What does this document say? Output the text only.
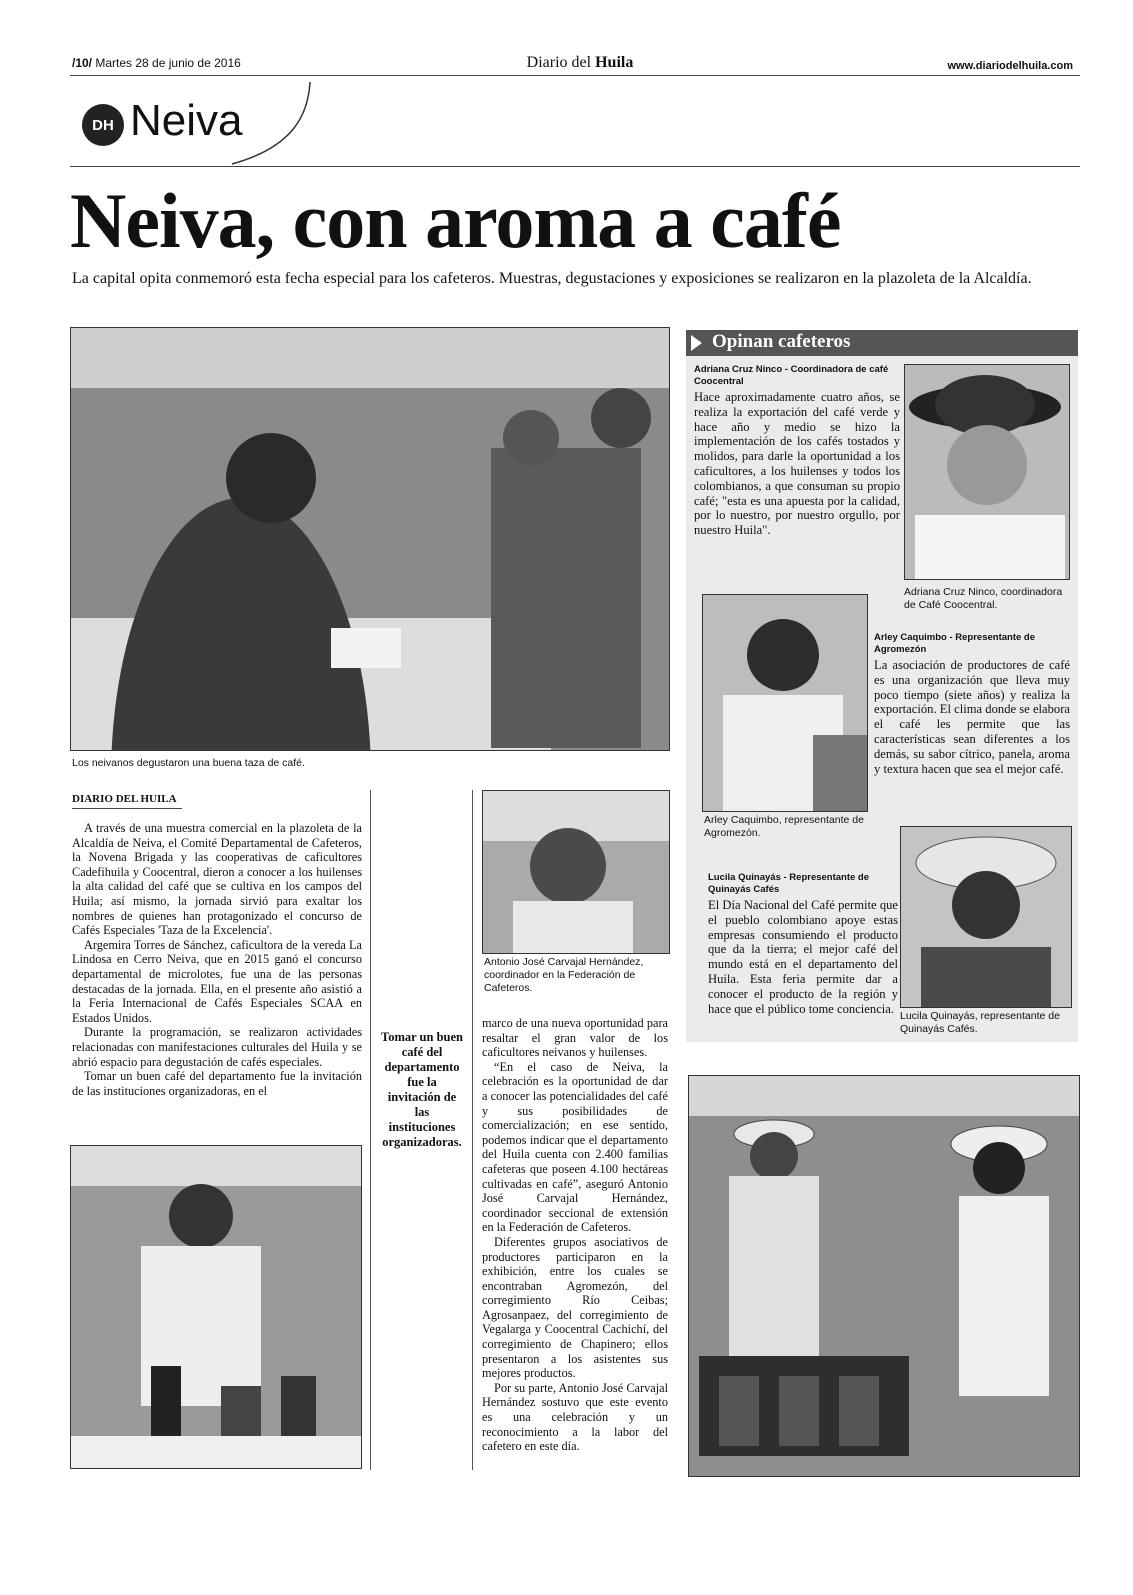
/10/ Martes 28 de junio de 2016	Diario del Huila	www.diariodelhuila.com
DH Neiva
Neiva, con aroma a café
La capital opita conmemoró esta fecha especial para los cafeteros. Muestras, degustaciones y exposiciones se realizaron en la plazoleta de la Alcaldía.
Los neivanos degustaron una buena taza de café.
DIARIO DEL HUILA

A través de una muestra comercial en la plazoleta de la Alcaldía de Neiva, el Comité Departamental de Cafeteros, la Novena Brigada y las cooperativas de caficultores Cadefihuila y Coocentral, dieron a conocer a los huilenses la alta calidad del café que se cultiva en los campos del Huila; así mismo, la jornada sirvió para exaltar los nombres de quienes han protagonizado el concurso de Cafés Especiales 'Taza de la Excelencia'.

Argemira Torres de Sánchez, caficultora de la vereda La Lindosa en Cerro Neiva, que en 2015 ganó el concurso departamental de microlotes, fue una de las personas destacadas de la jornada. Ella, en el presente año asistió a la Feria Internacional de Cafés Especiales SCAA en Estados Unidos.

Durante la programación, se realizaron actividades relacionadas con manifestaciones culturales del Huila y se abrió espacio para degustación de cafés especiales.

Tomar un buen café del departamento fue la invitación de las instituciones organizadoras, en el

Tomar un buen café del departamento fue la invitación de las instituciones organizadoras.
Antonio José Carvajal Hernández, coordinador en la Federación de Cafeteros.

marco de una nueva oportunidad para resaltar el gran valor de los caficultores neivanos y huilenses.

“En el caso de Neiva, la celebración es la oportunidad de dar a conocer las potencialidades del café y sus posibilidades de comercialización; en ese sentido, podemos indicar que el departamento del Huila cuenta con 2.400 familias cafeteras que poseen 4.100 hectáreas cultivadas en café”, aseguró Antonio José Carvajal Hernández, coordinador seccional de extensión en la Federación de Cafeteros.

Diferentes grupos asociativos de productores participaron en la exhibición, entre los cuales se encontraban Agromezón, del corregimiento Río Ceibas; Agrosanpaez, del corregimiento de Vegalarga y Coocentral Cachichí, del corregimiento de Chapinero; ellos presentaron a los asistentes sus mejores productos.

Por su parte, Antonio José Carvajal Hernández sostuvo que este evento es una celebración y un reconocimiento a la labor del cafetero en este día.

Opinan cafeteros
Adriana Cruz Ninco - Coordinadora de café Coocentral
Hace aproximadamente cuatro años, se realiza la exportación del café verde y hace año y medio se hizo la implementación de los cafés tostados y molidos, para darle la oportunidad a los caficultores, a los huilenses y todos los colombianos, a que consuman su propio café; "esta es una apuesta por la calidad, por lo nuestro, por nuestro orgullo, por nuestro Huila".
Adriana Cruz Ninco, coordinadora de Café Coocentral.
Arley Caquimbo, representante de Agromezón.
Arley Caquimbo - Representante de Agromezón
La asociación de productores de café es una organización que lleva muy poco tiempo (siete años) y realiza la exportación. El clima donde se elabora el café les permite que las características sean diferentes a los demás, su sabor cítrico, panela, aroma y textura hacen que sea el mejor café.
Lucila Quinayás - Representante de Quinayás Cafés
El Día Nacional del Café permite que el pueblo colombiano apoye estas empresas consumiendo el producto que da la tierra; el mejor café del mundo está en el departamento del Huila. Esta feria permite dar a conocer el producto de la región y hace que el público tome conciencia.
Lucila Quinayás, representante de Quinayás Cafés.
